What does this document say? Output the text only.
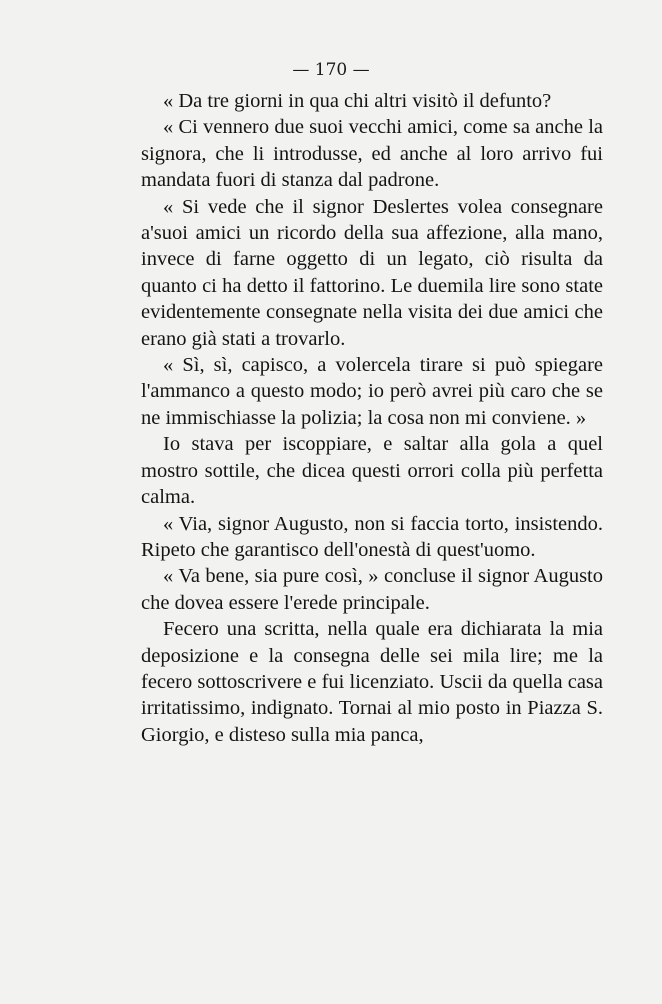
— 170 —

« Da tre giorni in qua chi altri visitò il defunto?

« Ci vennero due suoi vecchi amici, come sa anche la signora, che li introdusse, ed anche al loro arrivo fui mandata fuori di stanza dal padrone.

« Si vede che il signor Deslertes volea consegnare a'suoi amici un ricordo della sua affezione, alla mano, invece di farne oggetto di un legato, ciò risulta da quanto ci ha detto il fattorino. Le duemila lire sono state evidentemente consegnate nella visita dei due amici che erano già stati a trovarlo.

« Sì, sì, capisco, a volercela tirare si può spiegare l'ammanco a questo modo; io però avrei più caro che se ne immischiasse la polizia; la cosa non mi conviene. »

Io stava per iscoppiare, e saltar alla gola a quel mostro sottile, che dicea questi orrori colla più perfetta calma.

« Via, signor Augusto, non si faccia torto, insistendo. Ripeto che garantisco dell'onestà di quest'uomo.

« Va bene, sia pure così, » concluse il signor Augusto che dovea essere l'erede principale.

Fecero una scritta, nella quale era dichiarata la mia deposizione e la consegna delle sei mila lire; me la fecero sottoscrivere e fui licenziato. Uscii da quella casa irritatissimo, indignato. Tornai al mio posto in Piazza S. Giorgio, e disteso sulla mia panca,
